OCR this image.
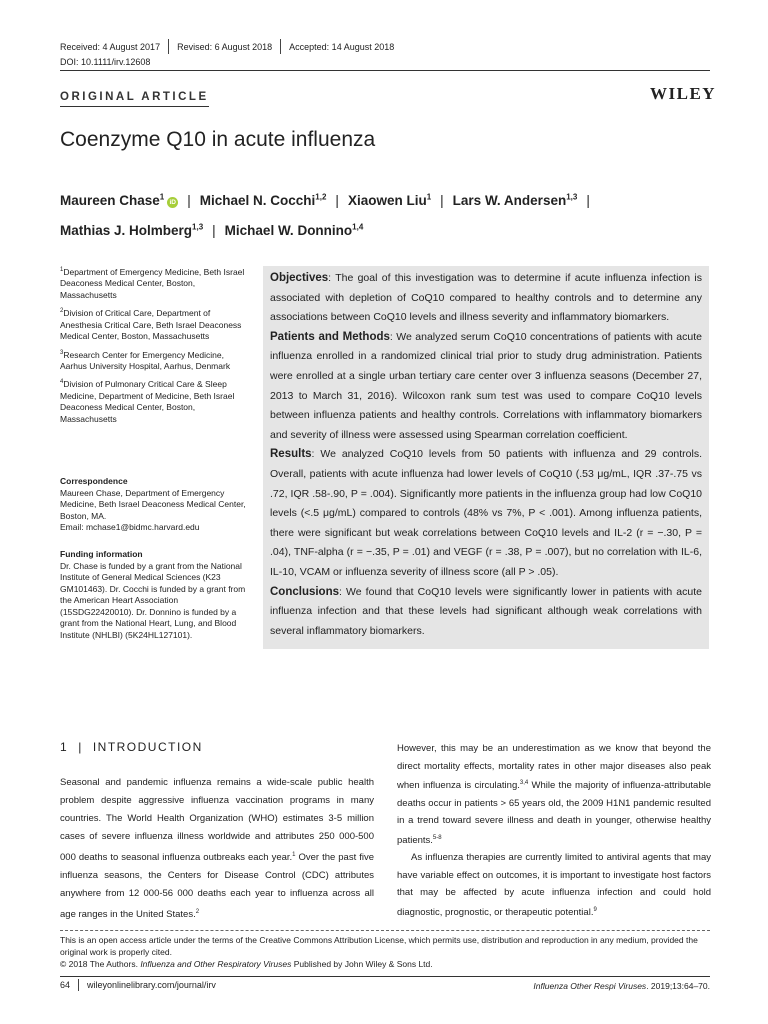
Received: 4 August 2017 Revised: 6 August 2018 Accepted: 14 August 2018
DOI: 10.1111/irv.12608
ORIGINAL ARTICLE	WILEY
Coenzyme Q10 in acute influenza
Maureen Chase$^1$iD | Michael N. Cocchi$^{1,2}$ | Xiaowen Liu$^1$ | Lars W. Andersen$^{1,3}$ |
Mathias J. Holmberg$^{1,3}$ | Michael W. Donnino$^{1,4}$

$^1$Department of Emergency Medicine, Beth Israel Deaconess Medical Center, Boston, Massachusetts

$^2$Division of Critical Care, Department of Anesthesia Critical Care, Beth Israel Deaconess Medical Center, Boston, Massachusetts

$^3$Research Center for Emergency Medicine, Aarhus University Hospital, Aarhus, Denmark

$^4$Division of Pulmonary Critical Care & Sleep Medicine, Department of Medicine, Beth Israel Deaconess Medical Center, Boston, Massachusetts

Correspondence
Maureen Chase, Department of Emergency Medicine, Beth Israel Deaconess Medical Center, Boston, MA.
Email: mchase1@bidmc.harvard.edu
Funding information
Dr. Chase is funded by a grant from the National Institute of General Medical Sciences (K23 GM101463). Dr. Cocchi is funded by a grant from the American Heart Association (15SDG22420010). Dr. Donnino is funded by a grant from the National Heart, Lung, and Blood Institute (NHLBI) (5K24HL127101).

Objectives: The goal of this investigation was to determine if acute influenza infection is associated with depletion of CoQ10 compared to healthy controls and to determine any associations between CoQ10 levels and illness severity and inflammatory biomarkers.

Patients and Methods: We analyzed serum CoQ10 concentrations of patients with acute influenza enrolled in a randomized clinical trial prior to study drug administration. Patients were enrolled at a single urban tertiary care center over 3 influenza seasons (December 27, 2013 to March 31, 2016). Wilcoxon rank sum test was used to compare CoQ10 levels between influenza patients and healthy controls. Correlations with inflammatory biomarkers and severity of illness were assessed using Spearman correlation coefficient.

Results: We analyzed CoQ10 levels from 50 patients with influenza and 29 controls. Overall, patients with acute influenza had lower levels of CoQ10 (.53 μg/mL, IQR .37-.75 vs .72, IQR .58-.90, P = .004). Significantly more patients in the influenza group had low CoQ10 levels (<.5 μg/mL) compared to controls (48% vs 7%, P < .001). Among influenza patients, there were significant but weak correlations between CoQ10 levels and IL-2 (r = −.30, P = .04), TNF-alpha (r = −.35, P = .01) and VEGF (r = .38, P = .007), but no correlation with IL-6, IL-10, VCAM or influenza severity of illness score (all P > .05).

Conclusions: We found that CoQ10 levels were significantly lower in patients with acute influenza infection and that these levels had significant although weak correlations with several inflammatory biomarkers.

1 | INTRODUCTION

Seasonal and pandemic influenza remains a wide-scale public health problem despite aggressive influenza vaccination programs in many countries. The World Health Organization (WHO) estimates 3-5 million cases of severe influenza illness worldwide and attributes 250 000-500 000 deaths to seasonal influenza outbreaks each year.$^1$ Over the past five influenza seasons, the Centers for Disease Control (CDC) attributes anywhere from 12 000-56 000 deaths each year to influenza across all age ranges in the United States.$^2$

However, this may be an underestimation as we know that beyond the direct mortality effects, mortality rates in other major diseases also peak when influenza is circulating.$^{3,4}$ While the majority of influenza-attributable deaths occur in patients > 65 years old, the 2009 H1N1 pandemic resulted in a trend toward severe illness and death in younger, otherwise healthy patients.$^{5-8}$

As influenza therapies are currently limited to antiviral agents that may have variable effect on outcomes, it is important to investigate host factors that may be affected by acute influenza infection and could hold diagnostic, prognostic, or therapeutic potential.$^9$

This is an open access article under the terms of the Creative Commons Attribution License, which permits use, distribution and reproduction in any medium, provided the original work is properly cited.
© 2018 The Authors. Influenza and Other Respiratory Viruses Published by John Wiley & Sons Ltd.
64 wileyonlinelibrary.com/journal/irv	Influenza Other Respi Viruses. 2019;13:64–70.
